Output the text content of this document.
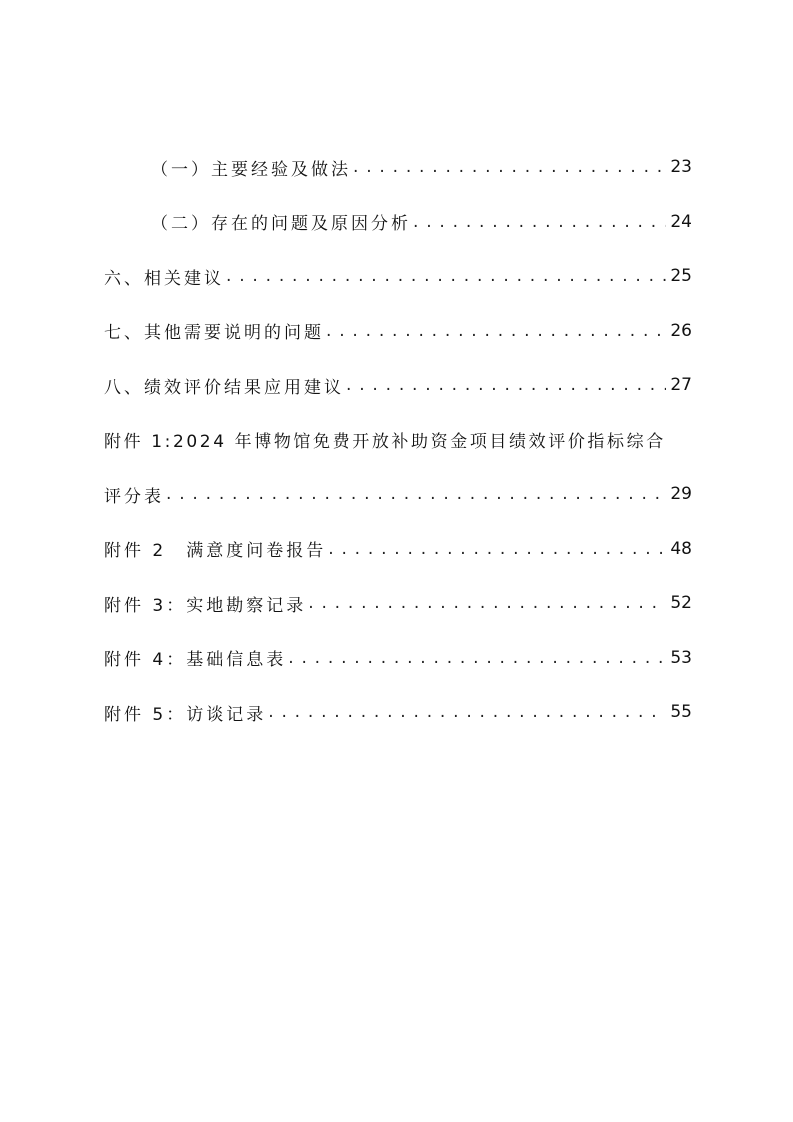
（一）主要经验及做法 . . .	23
（二）存在的问题及原因分析 . . .	24
六、相关建议 . . .	25
七、其他需要说明的问题 . . .	26
八、绩效评价结果应用建议 . . .	27
附件 1:2024 年博物馆免费开放补助资金项目绩效评价指标综合
评分表 . . .	29
附件 2　满意度问卷报告 . . .	48
附件 3：实地勘察记录 . . .	52
附件 4：基础信息表 . . .	53
附件 5：访谈记录 . . .	55
